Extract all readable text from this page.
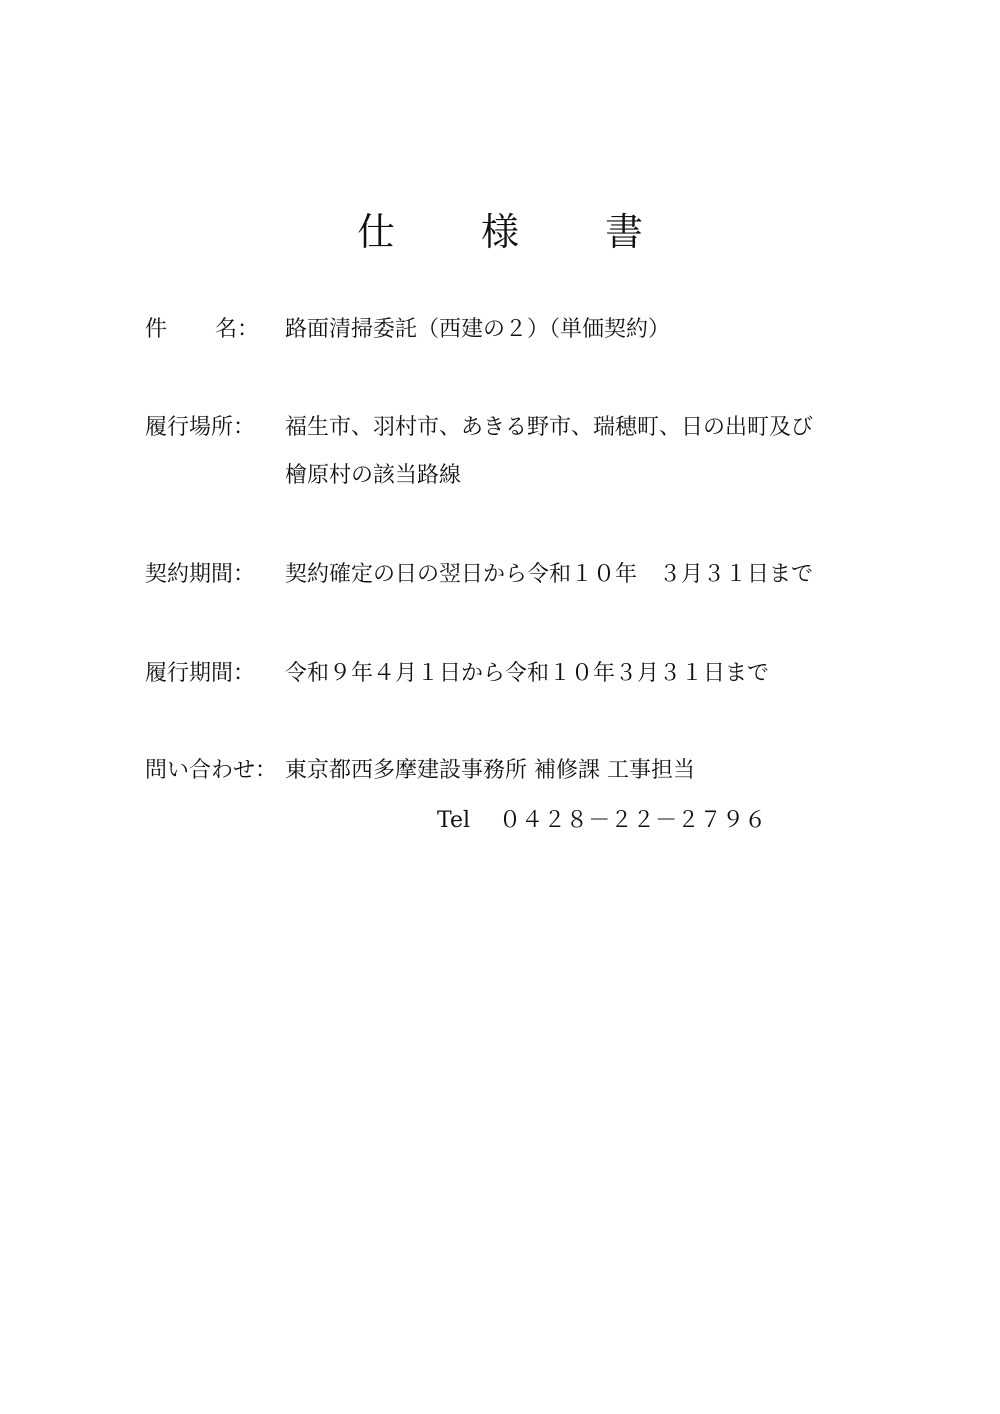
仕 様 書
件 名：	路面清掃委託（西建の２）（単価契約）
履行場所：	福生市、羽村市、あきる野市、瑞穂町、日の出町及び
檜原村の該当路線
契約期間：	契約確定の日の翌日から令和１０年　３月３１日まで
履行期間：	令和９年４月１日から令和１０年３月３１日まで
問い合わせ： 東京都西多摩建設事務所 補修課 工事担当
Tel ０４２８－２２－２７９６
